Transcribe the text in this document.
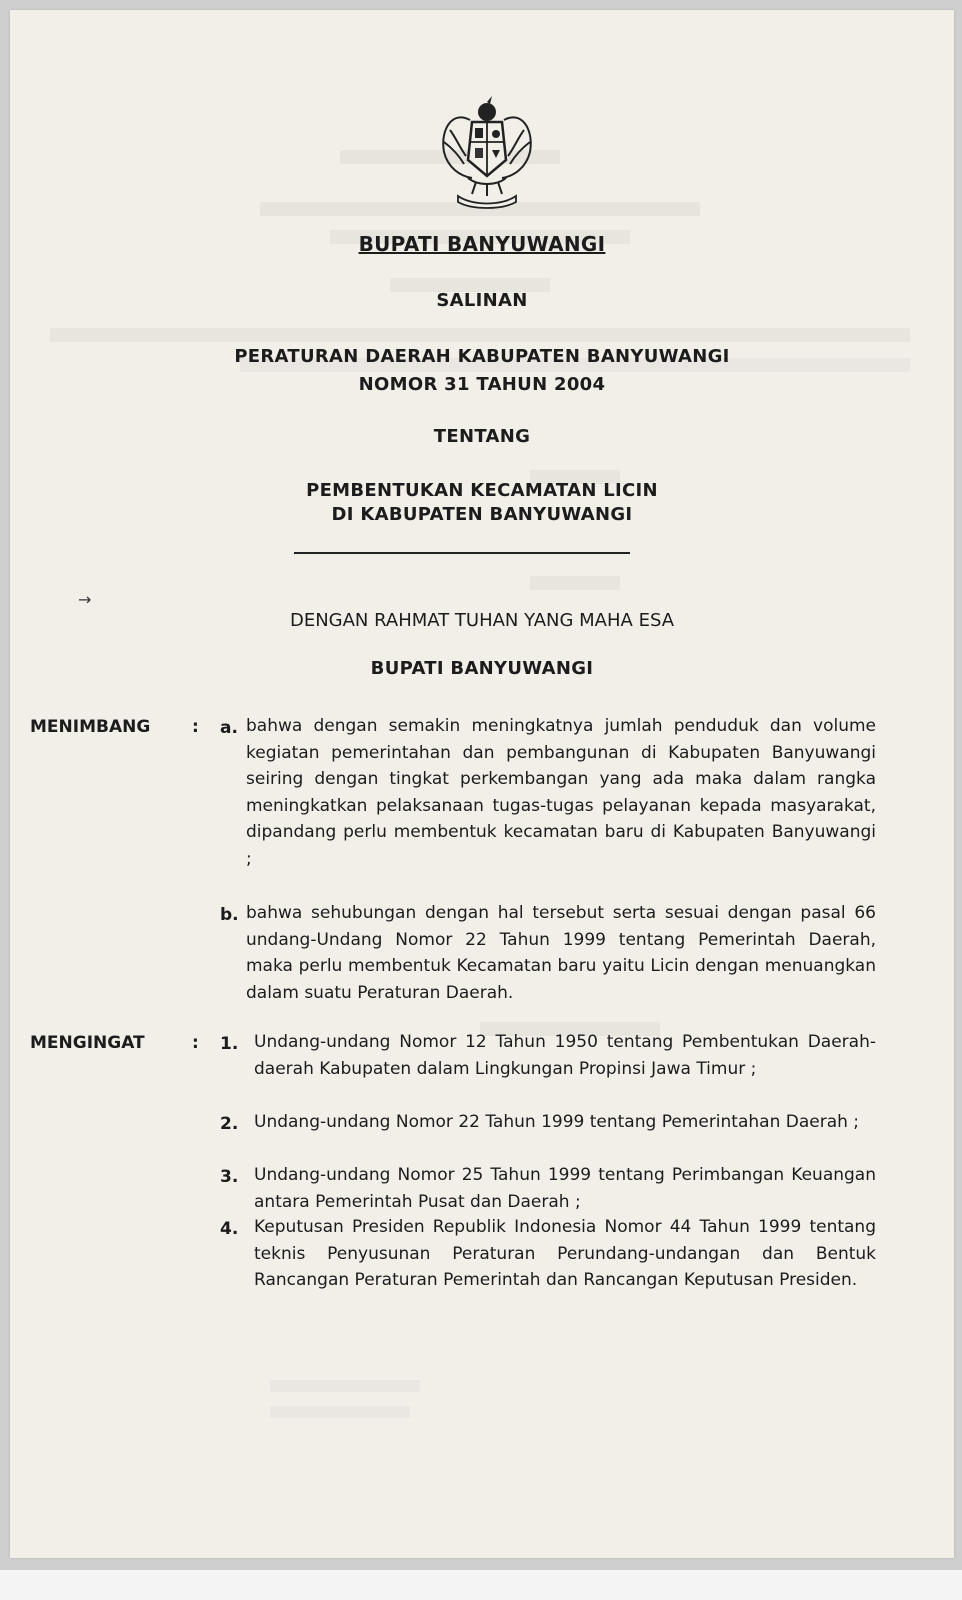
BUPATI BANYUWANGI
SALINAN
PERATURAN DAERAH KABUPATEN BANYUWANGI
NOMOR 31 TAHUN 2004
TENTANG
PEMBENTUKAN KECAMATAN LICIN
DI KABUPATEN BANYUWANGI
→
DENGAN RAHMAT TUHAN YANG MAHA ESA
BUPATI BANYUWANGI
MENIMBANG : a. bahwa dengan semakin meningkatnya jumlah penduduk dan volume kegiatan pemerintahan dan pembangunan di Kabupaten Banyuwangi seiring dengan tingkat perkembangan yang ada maka dalam rangka meningkatkan pelaksanaan tugas-tugas pelayanan kepada masyarakat, dipandang perlu membentuk kecamatan baru di Kabupaten Banyuwangi ;
b. bahwa sehubungan dengan hal tersebut serta sesuai dengan pasal 66 undang-Undang Nomor 22 Tahun 1999 tentang Pemerintah Daerah, maka perlu membentuk Kecamatan baru yaitu Licin dengan menuangkan dalam suatu Peraturan Daerah.
MENGINGAT	: 1. Undang-undang Nomor 12 Tahun 1950 tentang Pembentukan Daerah-daerah Kabupaten dalam Lingkungan Propinsi Jawa Timur ;
2. Undang-undang Nomor 22 Tahun 1999 tentang Pemerintahan Daerah ;
3. Undang-undang Nomor 25 Tahun 1999 tentang Perimbangan Keuangan antara Pemerintah Pusat dan Daerah ;
4. Keputusan Presiden Republik Indonesia Nomor 44 Tahun 1999 tentang teknis Penyusunan Peraturan Perundang-undangan dan Bentuk Rancangan Peraturan Pemerintah dan Rancangan Keputusan Presiden.
